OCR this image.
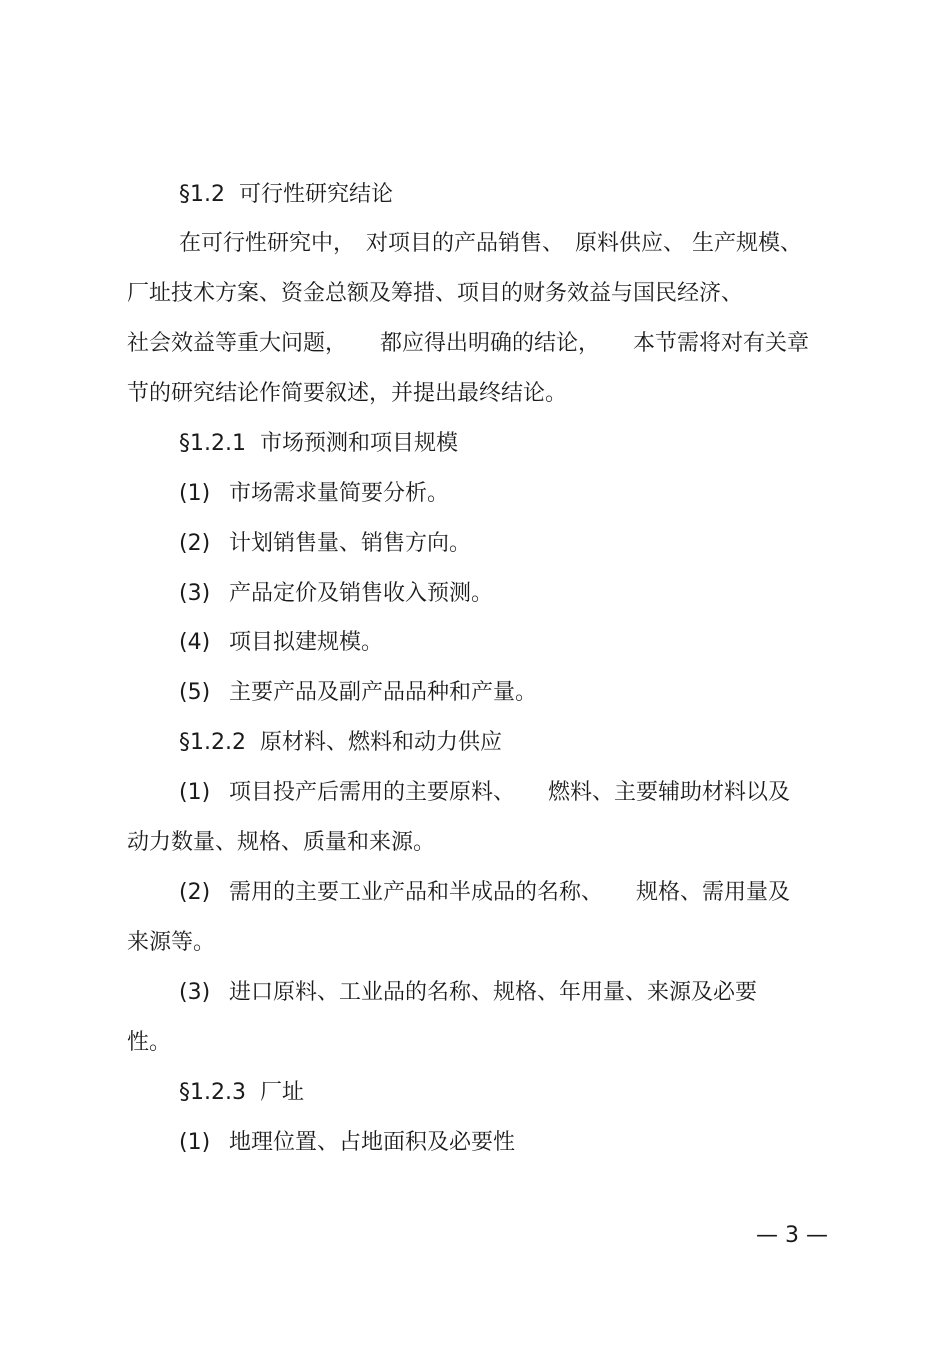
§1.2 可行性研究结论
在可行性研究中，　对项目的产品销售、　原料供应、 生产规模、
厂址技术方案、资金总额及筹措、项目的财务效益与国民经济、
社会效益等重大问题，　　都应得出明确的结论，　　本节需将对有关章
节的研究结论作简要叙述，并提出最终结论。
§1.2.1 市场预测和项目规模
(1) 市场需求量简要分析。
(2) 计划销售量、销售方向。
(3) 产品定价及销售收入预测。
(4) 项目拟建规模。
(5) 主要产品及副产品品种和产量。
§1.2.2 原材料、燃料和动力供应
(1) 项目投产后需用的主要原料、　　燃料、主要辅助材料以及
动力数量、规格、质量和来源。
(2) 需用的主要工业产品和半成品的名称、　　规格、需用量及
来源等。
(3) 进口原料、工业品的名称、规格、年用量、来源及必要
性。
§1.2.3 厂址
(1) 地理位置、占地面积及必要性
— 3 —
